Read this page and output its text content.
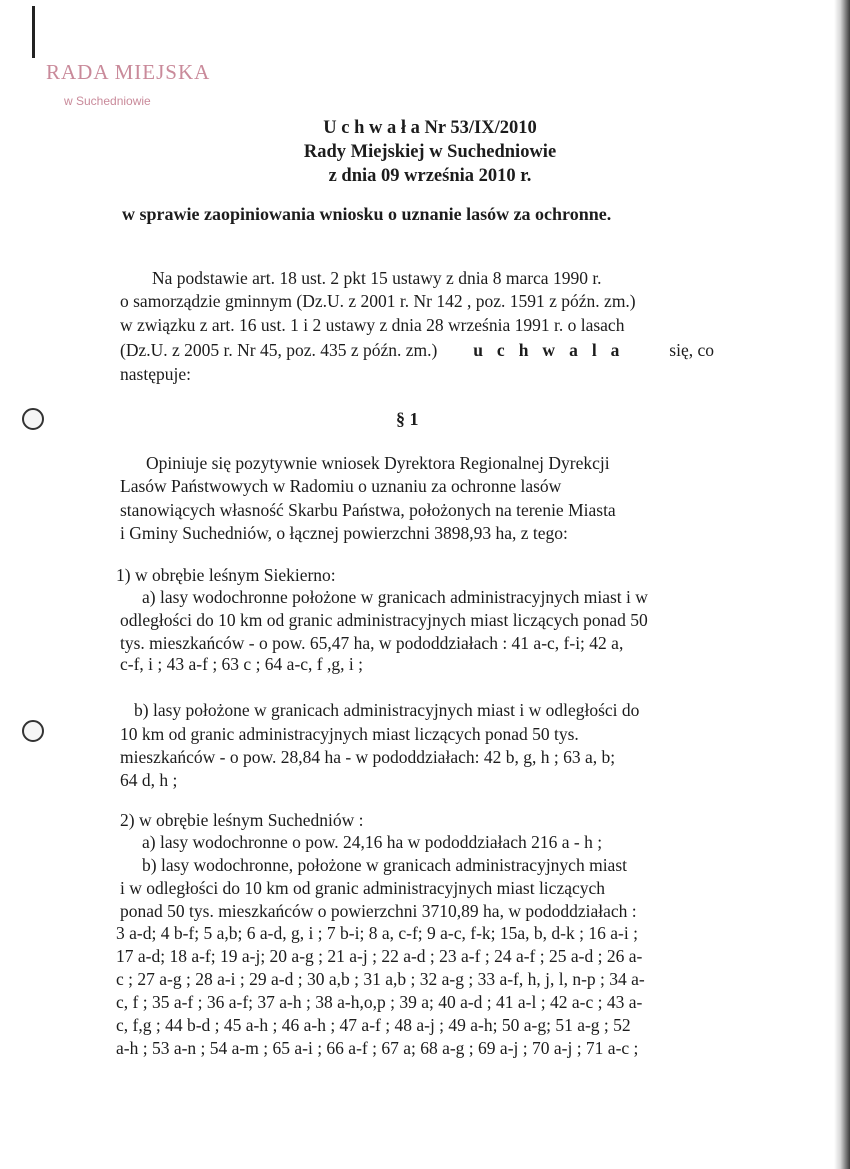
RADA MIEJSKA
w Suchedniowie
U c h w a ł a Nr 53/IX/2010
Rady Miejskiej w Suchedniowie
z dnia 09 września 2010 r.
w sprawie zaopiniowania wniosku o uznanie lasów za ochronne.
Na podstawie art. 18 ust. 2 pkt 15 ustawy z dnia 8 marca 1990 r.
o samorządzie gminnym (Dz.U. z 2001 r. Nr 142 , poz. 1591 z późn. zm.)
w związku z art. 16 ust. 1 i 2 ustawy z dnia 28 września 1991 r. o lasach
(Dz.U. z 2005 r. Nr 45, poz. 435 z późn. zm.) uchwala się, co
następuje:
§ 1
Opiniuje się pozytywnie wniosek Dyrektora Regionalnej Dyrekcji
Lasów Państwowych w Radomiu o uznaniu za ochronne lasów
stanowiących własność Skarbu Państwa, położonych na terenie Miasta
i Gminy Suchedniów, o łącznej powierzchni 3898,93 ha, z tego:
1) w obrębie leśnym Siekierno:
a) lasy wodochronne położone w granicach administracyjnych miast i w
odległości do 10 km od granic administracyjnych miast liczących ponad 50
tys. mieszkańców - o pow. 65,47 ha, w pododdziałach : 41 a-c, f-i; 42 a,
c-f, i ; 43 a-f ; 63 c ; 64 a-c, f ,g, i ;
b) lasy położone w granicach administracyjnych miast i w odległości do
10 km od granic administracyjnych miast liczących ponad 50 tys.
mieszkańców - o pow. 28,84 ha - w pododdziałach: 42 b, g, h ; 63 a, b;
64 d, h ;
2) w obrębie leśnym Suchedniów :
a) lasy wodochronne o pow. 24,16 ha w pododdziałach 216 a - h ;
b) lasy wodochronne, położone w granicach administracyjnych miast
i w odległości do 10 km od granic administracyjnych miast liczących
ponad 50 tys. mieszkańców o powierzchni 3710,89 ha, w pododdziałach :
3 a-d; 4 b-f; 5 a,b; 6 a-d, g, i ; 7 b-i; 8 a, c-f; 9 a-c, f-k; 15a, b, d-k ; 16 a-i ;
17 a-d; 18 a-f; 19 a-j; 20 a-g ; 21 a-j ; 22 a-d ; 23 a-f ; 24 a-f ; 25 a-d ; 26 a-
c ; 27 a-g ; 28 a-i ; 29 a-d ; 30 a,b ; 31 a,b ; 32 a-g ; 33 a-f, h, j, l, n-p ; 34 a-
c, f ; 35 a-f ; 36 a-f; 37 a-h ; 38 a-h,o,p ; 39 a; 40 a-d ; 41 a-l ; 42 a-c ; 43 a-
c, f,g ; 44 b-d ; 45 a-h ; 46 a-h ; 47 a-f ; 48 a-j ; 49 a-h; 50 a-g; 51 a-g ; 52
a-h ; 53 a-n ; 54 a-m ; 65 a-i ; 66 a-f ; 67 a; 68 a-g ; 69 a-j ; 70 a-j ; 71 a-c ;
